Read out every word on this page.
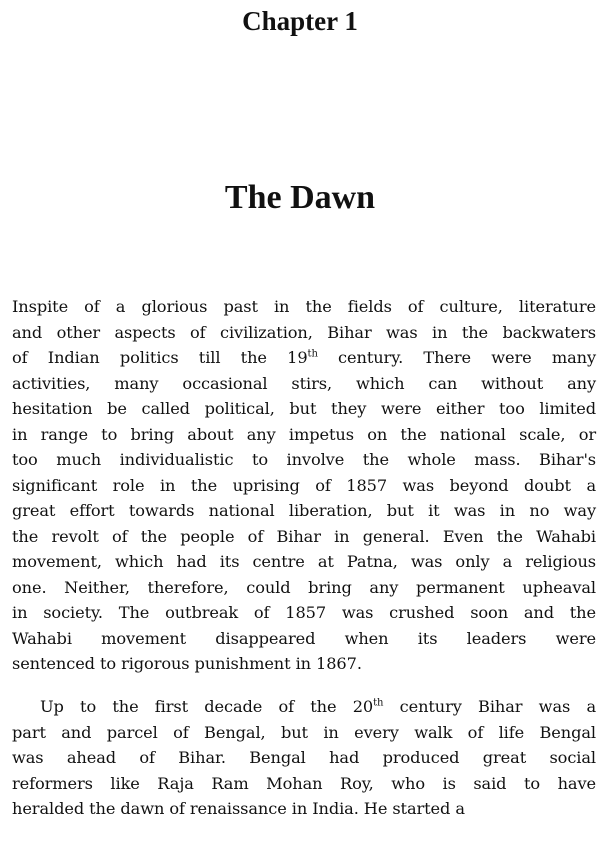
Chapter 1
The Dawn
Inspite of a glorious past in the fields of culture, literature
and other aspects of civilization, Bihar was in the backwaters
of Indian politics till the 19th century. There were many
activities, many occasional stirs, which can without any
hesitation be called political, but they were either too limited
in range to bring about any impetus on the national scale, or
too much individualistic to involve the whole mass. Bihar's
significant role in the uprising of 1857 was beyond doubt a
great effort towards national liberation, but it was in no way
the revolt of the people of Bihar in general. Even the Wahabi
movement, which had its centre at Patna, was only a religious
one. Neither, therefore, could bring any permanent upheaval
in society. The outbreak of 1857 was crushed soon and the
Wahabi movement disappeared when its leaders were
sentenced to rigorous punishment in 1867.
Up to the first decade of the 20th century Bihar was a
part and parcel of Bengal, but in every walk of life Bengal
was ahead of Bihar. Bengal had produced great social
reformers like Raja Ram Mohan Roy, who is said to have
heralded the dawn of renaissance in India. He started a
